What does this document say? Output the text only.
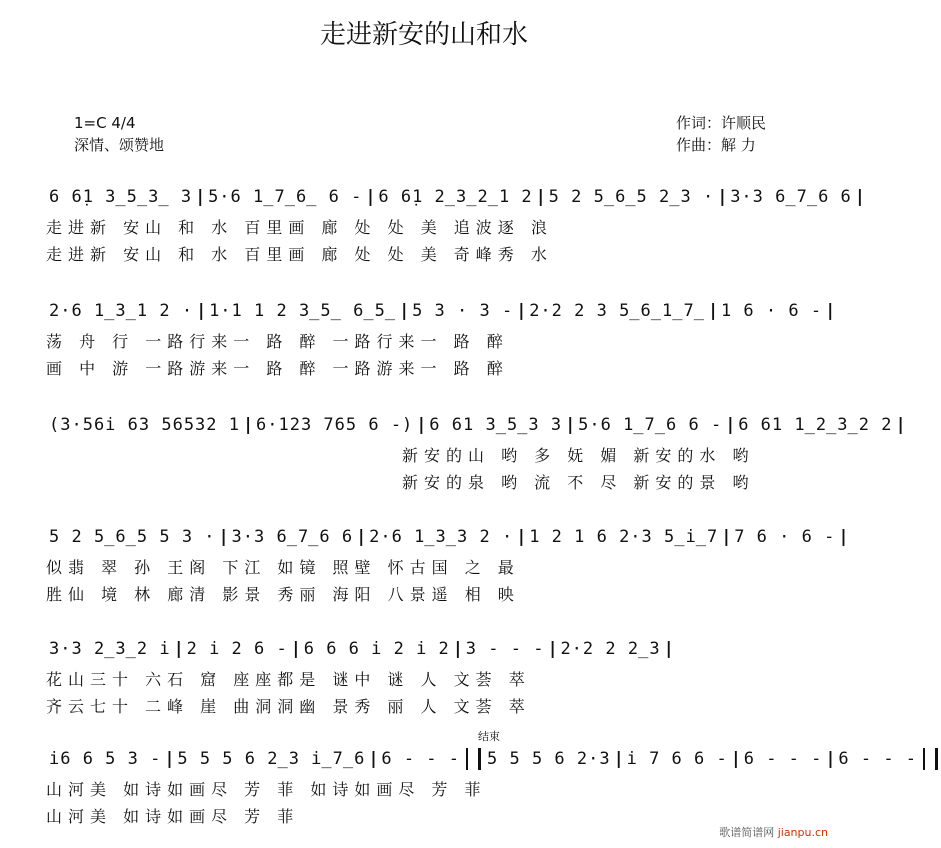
走进新安的山和水
1=C 4/4
深情、颂赞地
作词：许顺民
作曲：解 力
6 6̣1 3̲5̲3̲ 3 | 5·6 1̲7̲6̲ 6 - | 6 6̣1 2̲3̲2̲1 2 | 5 2 5̲6̲5 2̲3 · | 3·3 6̲7̲6 6 |
走进新 安山 和 水 百里画 廊 处 处 美 追波逐 浪
走进新 安山 和 水 百里画 廊 处 处 美 奇峰秀 水
2·6 1̲3̲1 2 · | 1·1 1 2 3̲5̲ 6̲5̲ | 5 3 · 3 - | 2·2 2 3 5̲6̲1̲7̲ | 1 6 · 6 - |
荡 舟 行 一路行来一 路 醉 一路行来一 路 醉
画 中 游 一路游来一 路 醉 一路游来一 路 醉
(3·56i 63 56532 1 | 6·123 765 6 -) | 6 61 3̲5̲3 3 | 5·6 1̲7̲6 6 - | 6 61 1̲2̲3̲2 2 |
新安的山 哟 多 妩 媚 新安的水 哟
新安的泉 哟 流 不 尽 新安的景 哟
5 2 5̲6̲5 5 3 · | 3·3 6̲7̲6 6 | 2·6 1̲3̲3 2 · | 1 2 1 6 2·3 5̲i̲7 | 7 6 · 6 - |
似翡 翠 孙 王阁 下江 如镜 照壁 怀古国 之 最
胜仙 境 林 廊清 影景 秀丽 海阳 八景遥 相 映
3·3 2̲3̲2 i | 2 i 2 6 - | 6 6 6 i 2 i 2 | 3 - - - | 2·2 2 2̲3 |
花山三十 六石 窟 座座都是 谜中 谜 人 文荟 萃
齐云七十 二峰 崖 曲洞洞幽 景秀 丽 人 文荟 萃
结束
i6 6 5 3 - | 5 5 5 6 2̲3 i̲7̲6 | 6 - - - 5 5 5 6 2·3 | i 7 6 6 - | 6 - - - | 6 - - -
山河美 如诗如画尽 芳 菲 如诗如画尽 芳 菲
山河美 如诗如画尽 芳 菲
歌谱简谱网 jianpu.cn
